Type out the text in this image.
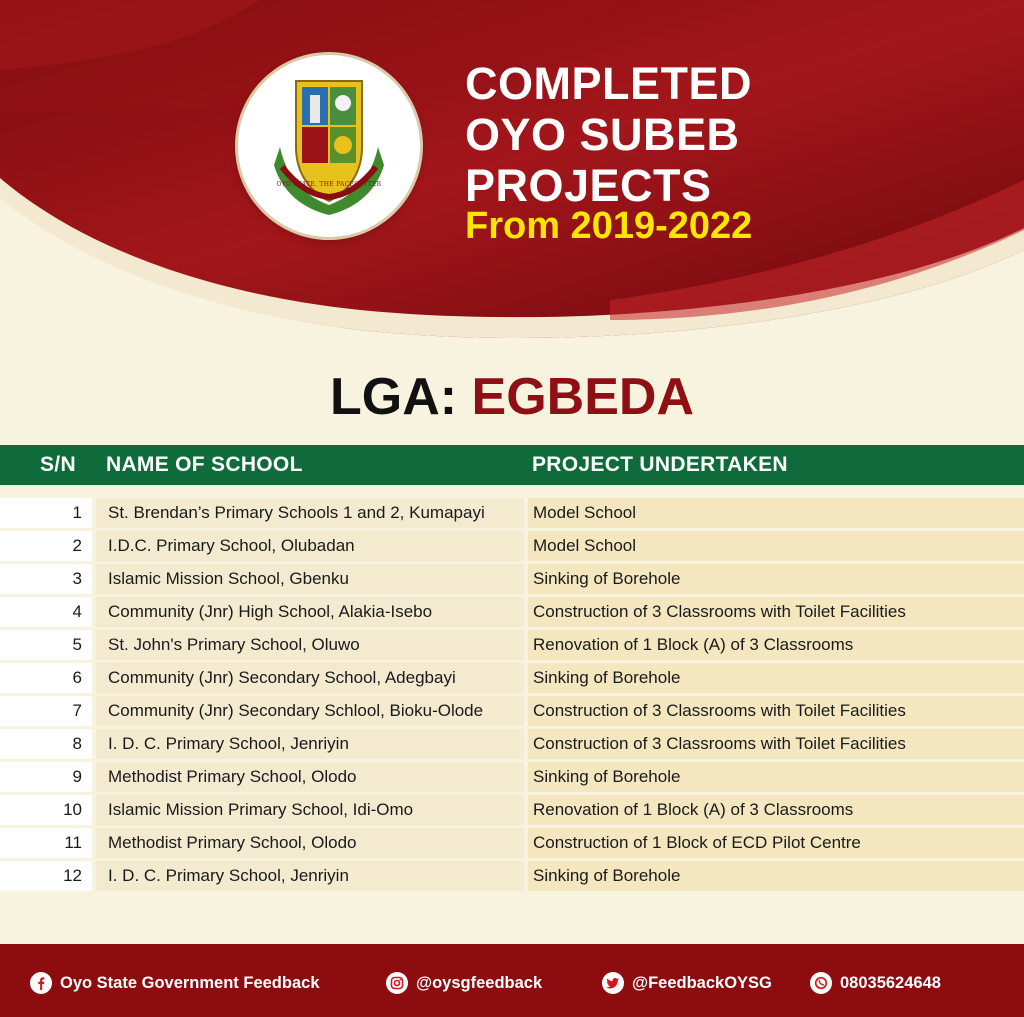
OYO STATE. THE PACESETTER
COMPLETED
OYO SUBEB
PROJECTS
From 2019-2022
LGA: EGBEDA
S/N NAME OF SCHOOL	PROJECT UNDERTAKEN
1	St. Brendan’s Primary Schools 1 and 2, Kumapayi	Model School
2	I.D.C. Primary School, Olubadan	Model School
3	Islamic Mission School, Gbenku	Sinking of Borehole
4	Community (Jnr) High School, Alakia-Isebo	Construction of 3 Classrooms with Toilet Facilities
5	St. John's Primary School, Oluwo	Renovation of 1 Block (A) of 3 Classrooms
6	Community (Jnr) Secondary School, Adegbayi	Sinking of Borehole
7	Community (Jnr) Secondary Schlool, Bioku-Olode	Construction of 3 Classrooms with Toilet Facilities
8	I. D. C. Primary School, Jenriyin	Construction of 3 Classrooms with Toilet Facilities
9	Methodist Primary School, Olodo	Sinking of Borehole
10	Islamic Mission Primary School, Idi-Omo	Renovation of 1 Block (A) of 3 Classrooms
11	Methodist Primary School, Olodo	Construction of 1 Block of ECD Pilot Centre
12	I. D. C. Primary School, Jenriyin	Sinking of Borehole
Oyo State Government Feedback	@oysgfeedback	@FeedbackOYSG	08035624648
